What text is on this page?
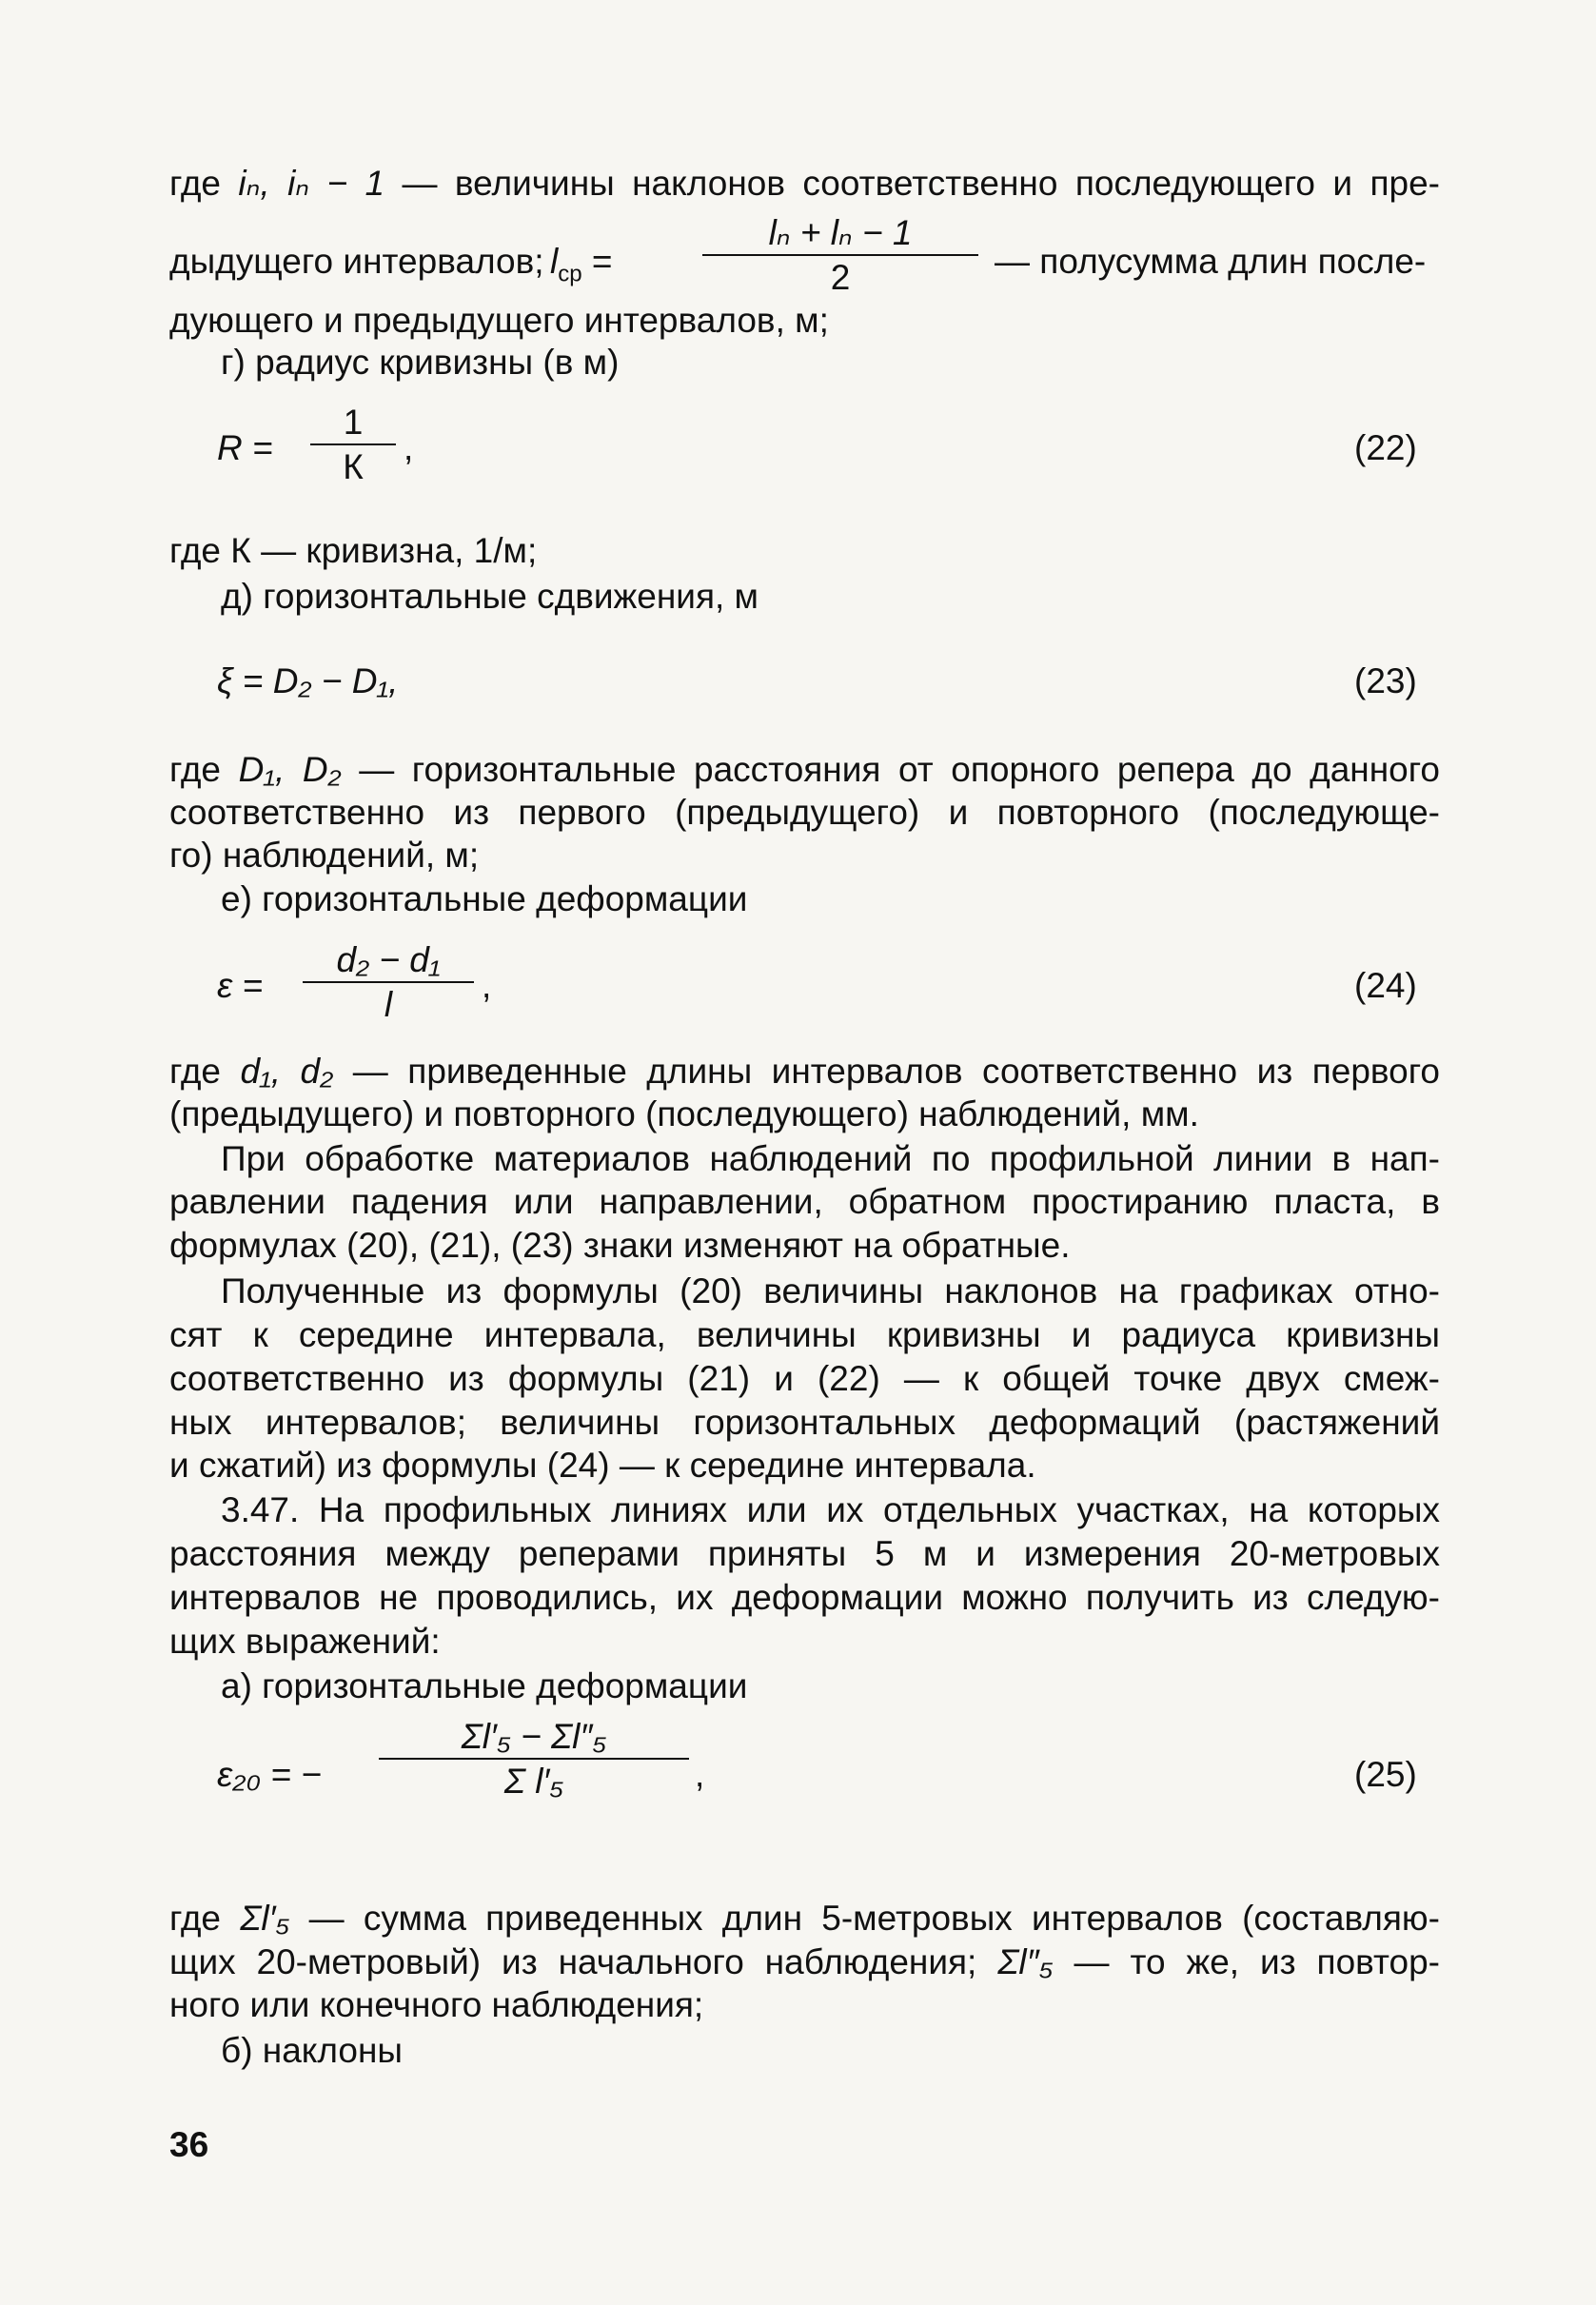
где iₙ, iₙ − 1 — величины наклонов соответственно последующего и пре-
дыдущего интервалов; $l_{ср}$ =
lₙ + lₙ − 1
2	— полусумма длин после-
дующего и предыдущего интервалов, м;
г) радиус кривизны (в м)
R =
1
К	,	(22)
где К — кривизна, 1/м;
д) горизонтальные сдвижения, м
ξ = D₂ − D₁,	(23)
где D₁, D₂ — горизонтальные расстояния от опорного репера до данного
соответственно из первого (предыдущего) и повторного (последующе-
го) наблюдений, м;
е) горизонтальные деформации
ε =
d₂ − d₁
l	,	(24)
где d₁, d₂ — приведенные длины интервалов соответственно из первого
(предыдущего) и повторного (последующего) наблюдений, мм.
При обработке материалов наблюдений по профильной линии в нап-
равлении падения или направлении, обратном простиранию пласта, в
формулах (20), (21), (23) знаки изменяют на обратные.
Полученные из формулы (20) величины наклонов на графиках отно-
сят к середине интервала, величины кривизны и радиуса кривизны
соответственно из формулы (21) и (22) — к общей точке двух смеж-
ных интервалов; величины горизонтальных деформаций (растяжений
и сжатий) из формулы (24) — к середине интервала.
3.47. На профильных линиях или их отдельных участках, на которых
расстояния между реперами приняты 5 м и измерения 20-метровых
интервалов не проводились, их деформации можно получить из следую-
щих выражений:
а) горизонтальные деформации
ε₂₀ = −
Σl′₅ − Σl″₅
Σ l′₅	,	(25)
где Σl′₅ — сумма приведенных длин 5-метровых интервалов (составляю-
щих 20-метровый) из начального наблюдения; Σl″₅ — то же, из повтор-
ного или конечного наблюдения;
б) наклоны
36
